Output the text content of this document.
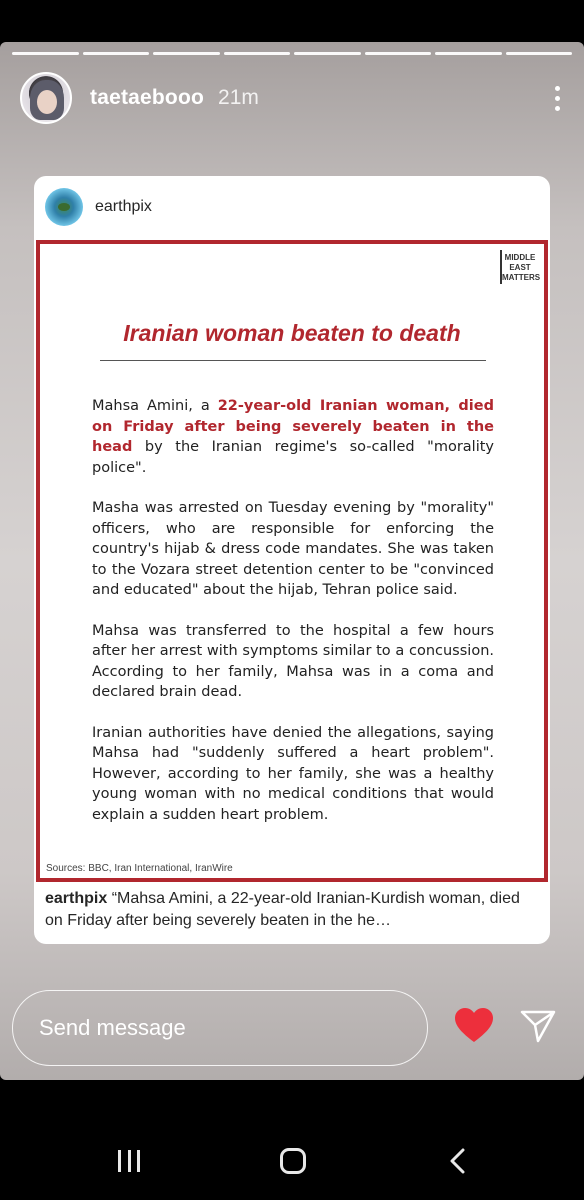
taetaebooo 21m
earthpix
MIDDLE
EAST
MATTERS
Iranian woman beaten to death

Mahsa Amini, a 22-year-old Iranian woman, died on Friday after being severely beaten in the head by the Iranian regime's so-called "morality police".

Masha was arrested on Tuesday evening by "morality" officers, who are responsible for enforcing the country's hijab & dress code mandates. She was taken to the Vozara street detention center to be "convinced and educated" about the hijab, Tehran police said.

Mahsa was transferred to the hospital a few hours after her arrest with symptoms similar to a concussion. According to her family, Mahsa was in a coma and declared brain dead.

Iranian authorities have denied the allegations, saying Mahsa had "suddenly suffered a heart problem". However, according to her family, she was a healthy young woman with no medical conditions that would explain a sudden heart problem.

Sources: BBC, Iran International, IranWire
earthpix “Mahsa Amini, a 22-year-old Iranian-Kurdish woman, died on Friday after being severely beaten in the he…
Send message
